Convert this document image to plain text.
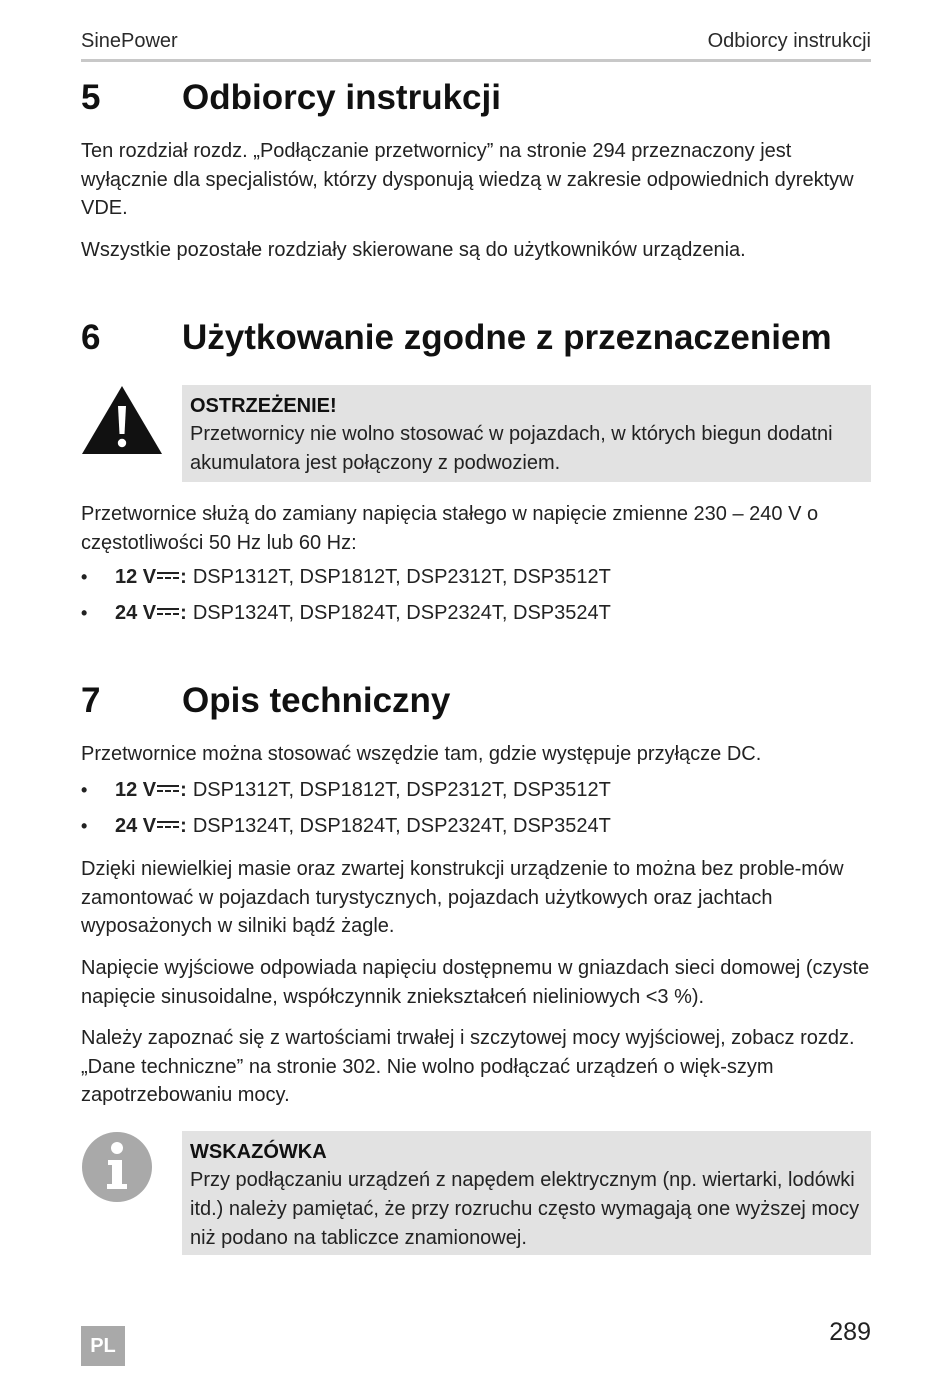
SinePower	Odbiorcy instrukcji
5	Odbiorcy instrukcji

Ten rozdział rozdz. „Podłączanie przetwornicy” na stronie 294 przeznaczony jest wyłącznie dla specjalistów, którzy dysponują wiedzą w zakresie odpowiednich dyrektyw VDE.

Wszystkie pozostałe rozdziały skierowane są do użytkowników urządzenia.

6	Użytkowanie zgodne z przeznaczeniem
OSTRZEŻENIE!
Przetwornicy nie wolno stosować w pojazdach, w których biegun dodatni akumulatora jest połączony z podwoziem.

Przetwornice służą do zamiany napięcia stałego w napięcie zmienne 230 – 240 V o częstotliwości 50 Hz lub 60 Hz:

•	12 V : DSP1312T, DSP1812T, DSP2312T, DSP3512T
•	24 V : DSP1324T, DSP1824T, DSP2324T, DSP3524T
7	Opis techniczny

Przetwornice można stosować wszędzie tam, gdzie występuje przyłącze DC.

•	12 V : DSP1312T, DSP1812T, DSP2312T, DSP3512T
•	24 V : DSP1324T, DSP1824T, DSP2324T, DSP3524T

Dzięki niewielkiej masie oraz zwartej konstrukcji urządzenie to można bez proble-mów zamontować w pojazdach turystycznych, pojazdach użytkowych oraz jachtach wyposażonych w silniki bądź żagle.

Napięcie wyjściowe odpowiada napięciu dostępnemu w gniazdach sieci domowej (czyste napięcie sinusoidalne, współczynnik zniekształceń nieliniowych <3 %).

Należy zapoznać się z wartościami trwałej i szczytowej mocy wyjściowej, zobacz rozdz. „Dane techniczne” na stronie 302. Nie wolno podłączać urządzeń o więk-szym zapotrzebowaniu mocy.

WSKAZÓWKA
Przy podłączaniu urządzeń z napędem elektrycznym (np. wiertarki, lodówki itd.) należy pamiętać, że przy rozruchu często wymagają one wyższej mocy niż podano na tabliczce znamionowej.
289
PL
